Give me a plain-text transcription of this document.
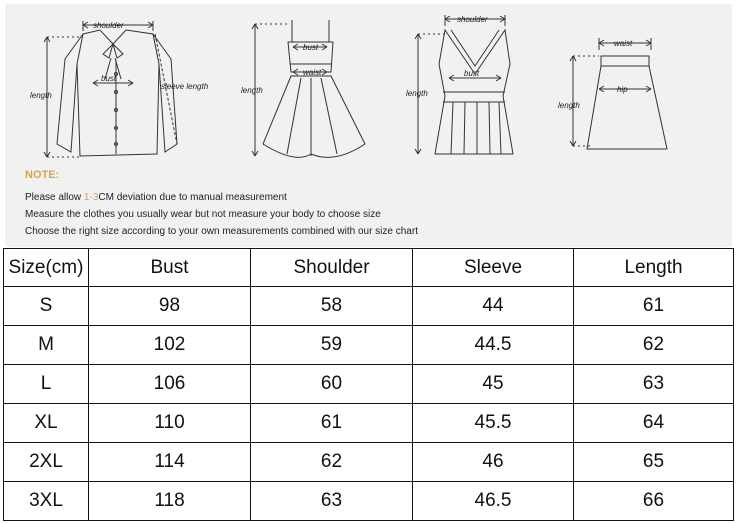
shoulder
bust
length
sleeve length
bust
waist
length
shoulder
bust
length
waist
hip
length
NOTE:
Please allow 1-3CM deviation due to manual measurement
Measure the clothes you usually wear but not measure your body to choose size
Choose the right size according to your own measurements combined with our size chart
Size(cm)	Bust	Shoulder	Sleeve	Length
S	98	58	44	61
M	102	59	44.5	62
L	106	60	45	63
XL	110	61	45.5	64
2XL	114	62	46	65
3XL	118	63	46.5	66
